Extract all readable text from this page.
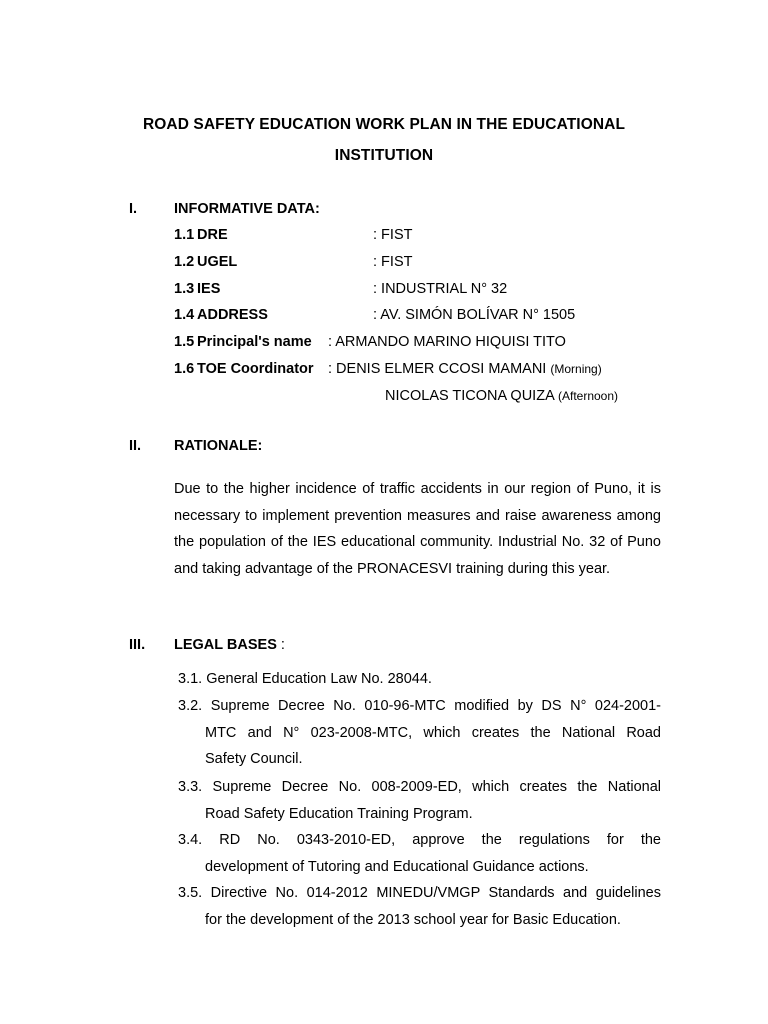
ROAD SAFETY EDUCATION WORK PLAN IN THE EDUCATIONAL
INSTITUTION
I.	INFORMATIVE DATA:
1.1 DRE	: FIST
1.2 UGEL	: FIST
1.3 IES	: INDUSTRIAL N° 32
1.4 ADDRESS	: AV. SIMÓN BOLÍVAR N° 1505
1.5 Principal's name : ARMANDO MARINO HIQUISI TITO
1.6 TOE Coordinator : DENIS ELMER CCOSI MAMANI (Morning)
NICOLAS TICONA QUIZA (Afternoon)
II. RATIONALE:
Due to the higher incidence of traffic accidents in our region of Puno, it is necessary to implement prevention measures and raise awareness among the population of the IES educational community. Industrial No. 32 of Puno and taking advantage of the PRONACESVI training during this year.
III. LEGAL BASES :
3.1. General Education Law No. 28044.
3.2. Supreme Decree No. 010-96-MTC modified by DS N° 024-2001-
MTC and N° 023-2008-MTC, which creates the National Road
Safety Council.
3.3. Supreme Decree No. 008-2009-ED, which creates the National
Road Safety Education Training Program.
3.4. RD No. 0343-2010-ED, approve the regulations for the
development of Tutoring and Educational Guidance actions.
3.5. Directive No. 014-2012 MINEDU/VMGP Standards and guidelines
for the development of the 2013 school year for Basic Education.
